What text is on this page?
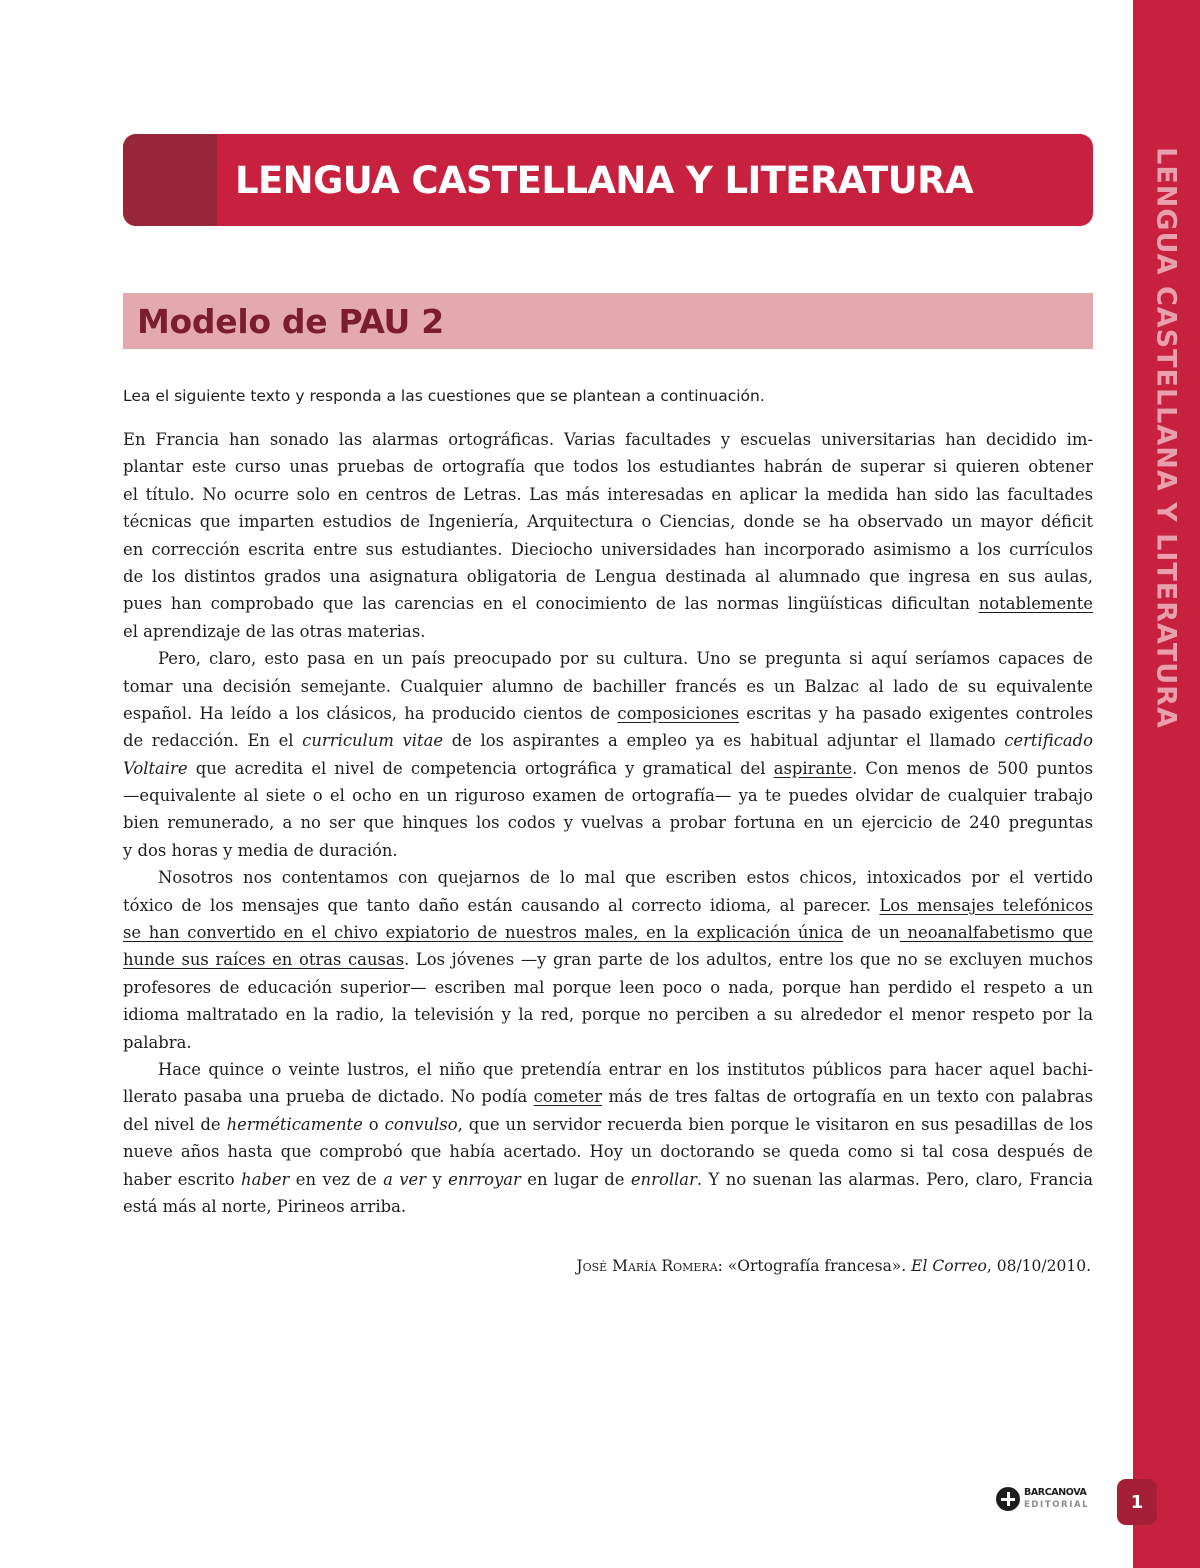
LENGUA CASTELLANA Y LITERATURA
LENGUA CASTELLANA Y LITERATURA
Modelo de PAU 2
Lea el siguiente texto y responda a las cuestiones que se plantean a continuación.
En Francia han sonado las alarmas ortográficas. Varias facultades y escuelas universitarias han decidido im-
plantar este curso unas pruebas de ortografía que todos los estudiantes habrán de superar si quieren obtener
el título. No ocurre solo en centros de Letras. Las más interesadas en aplicar la medida han sido las facultades
técnicas que imparten estudios de Ingeniería, Arquitectura o Ciencias, donde se ha observado un mayor déficit
en corrección escrita entre sus estudiantes. Dieciocho universidades han incorporado asimismo a los currículos
de los distintos grados una asignatura obligatoria de Lengua destinada al alumnado que ingresa en sus aulas,
pues han comprobado que las carencias en el conocimiento de las normas lingüísticas dificultan notablemente
el aprendizaje de las otras materias.
Pero, claro, esto pasa en un país preocupado por su cultura. Uno se pregunta si aquí seríamos capaces de
tomar una decisión semejante. Cualquier alumno de bachiller francés es un Balzac al lado de su equivalente
español. Ha leído a los clásicos, ha producido cientos de composiciones escritas y ha pasado exigentes controles
de redacción. En el curriculum vitae de los aspirantes a empleo ya es habitual adjuntar el llamado certificado
Voltaire que acredita el nivel de competencia ortográfica y gramatical del aspirante. Con menos de 500 puntos
—equivalente al siete o el ocho en un riguroso examen de ortografía— ya te puedes olvidar de cualquier trabajo
bien remunerado, a no ser que hinques los codos y vuelvas a probar fortuna en un ejercicio de 240 preguntas
y dos horas y media de duración.
Nosotros nos contentamos con quejarnos de lo mal que escriben estos chicos, intoxicados por el vertido
tóxico de los mensajes que tanto daño están causando al correcto idioma, al parecer. Los mensajes telefónicos
se han convertido en el chivo expiatorio de nuestros males, en la explicación única de un neoanalfabetismo que
hunde sus raíces en otras causas. Los jóvenes —y gran parte de los adultos, entre los que no se excluyen muchos
profesores de educación superior— escriben mal porque leen poco o nada, porque han perdido el respeto a un
idioma maltratado en la radio, la televisión y la red, porque no perciben a su alrededor el menor respeto por la
palabra.
Hace quince o veinte lustros, el niño que pretendía entrar en los institutos públicos para hacer aquel bachi-
llerato pasaba una prueba de dictado. No podía cometer más de tres faltas de ortografía en un texto con palabras
del nivel de herméticamente o convulso, que un servidor recuerda bien porque le visitaron en sus pesadillas de los
nueve años hasta que comprobó que había acertado. Hoy un doctorando se queda como si tal cosa después de
haber escrito haber en vez de a ver y enrroyar en lugar de enrollar. Y no suenan las alarmas. Pero, claro, Francia
está más al norte, Pirineos arriba.
José María Romera: «Ortografía francesa». El Correo, 08/10/2010.
BARCANOVA
EDITORIAL	1
